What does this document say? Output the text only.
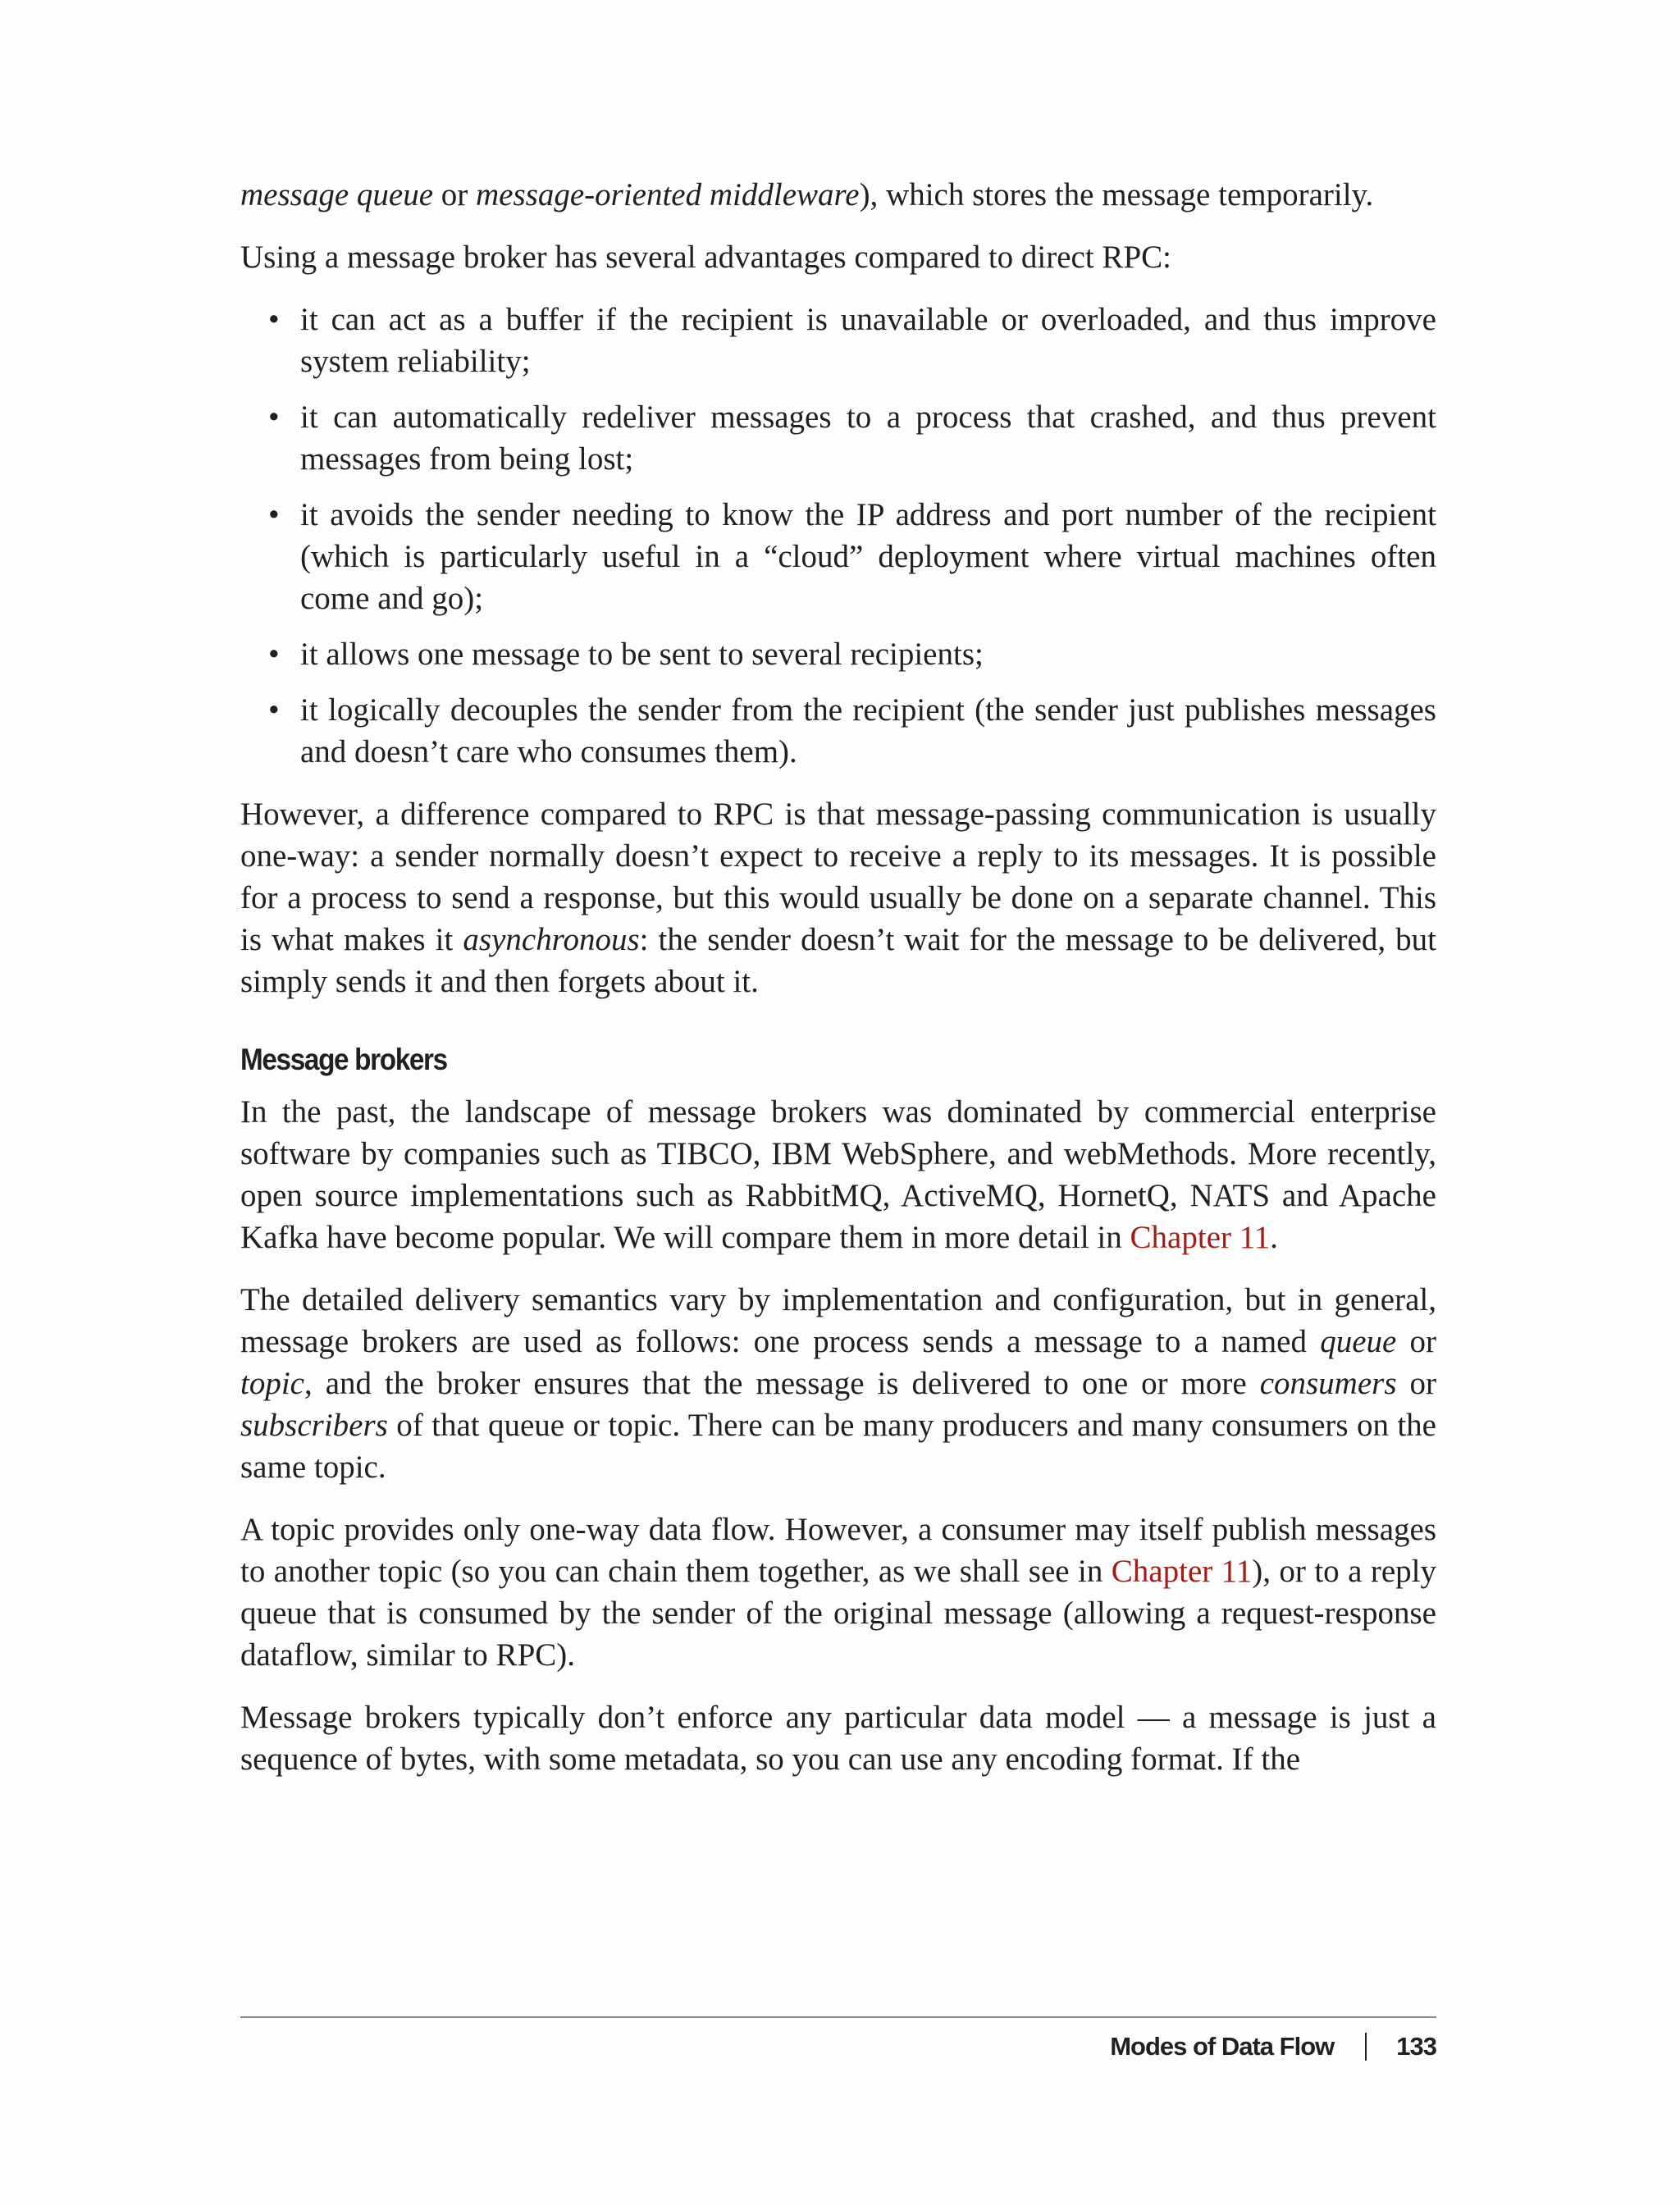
message queue or message-oriented middleware), which stores the message temporarily.

Using a message broker has several advantages compared to direct RPC:

• it can act as a buffer if the recipient is unavailable or overloaded, and thus improve system reliability;
• it can automatically redeliver messages to a process that crashed, and thus prevent messages from being lost;
• it avoids the sender needing to know the IP address and port number of the recipient (which is particularly useful in a “cloud” deployment where virtual machines often come and go);
• it allows one message to be sent to several recipients;
• it logically decouples the sender from the recipient (the sender just publishes messages and doesn’t care who consumes them).

However, a difference compared to RPC is that message-passing communication is usually one-way: a sender normally doesn’t expect to receive a reply to its messages. It is possible for a process to send a response, but this would usually be done on a separate channel. This is what makes it asynchronous: the sender doesn’t wait for the message to be delivered, but simply sends it and then forgets about it.

Message brokers

In the past, the landscape of message brokers was dominated by commercial enterprise software by companies such as TIBCO, IBM WebSphere, and webMethods. More recently, open source implementations such as RabbitMQ, ActiveMQ, HornetQ, NATS and Apache Kafka have become popular. We will compare them in more detail in Chapter 11.

The detailed delivery semantics vary by implementation and configuration, but in general, message brokers are used as follows: one process sends a message to a named queue or topic, and the broker ensures that the message is delivered to one or more consumers or subscribers of that queue or topic. There can be many producers and many consumers on the same topic.

A topic provides only one-way data flow. However, a consumer may itself publish messages to another topic (so you can chain them together, as we shall see in Chapter 11), or to a reply queue that is consumed by the sender of the original message (allowing a request-response dataflow, similar to RPC).

Message brokers typically don’t enforce any particular data model — a message is just a sequence of bytes, with some metadata, so you can use any encoding format. If the

Modes of Data Flow 133
